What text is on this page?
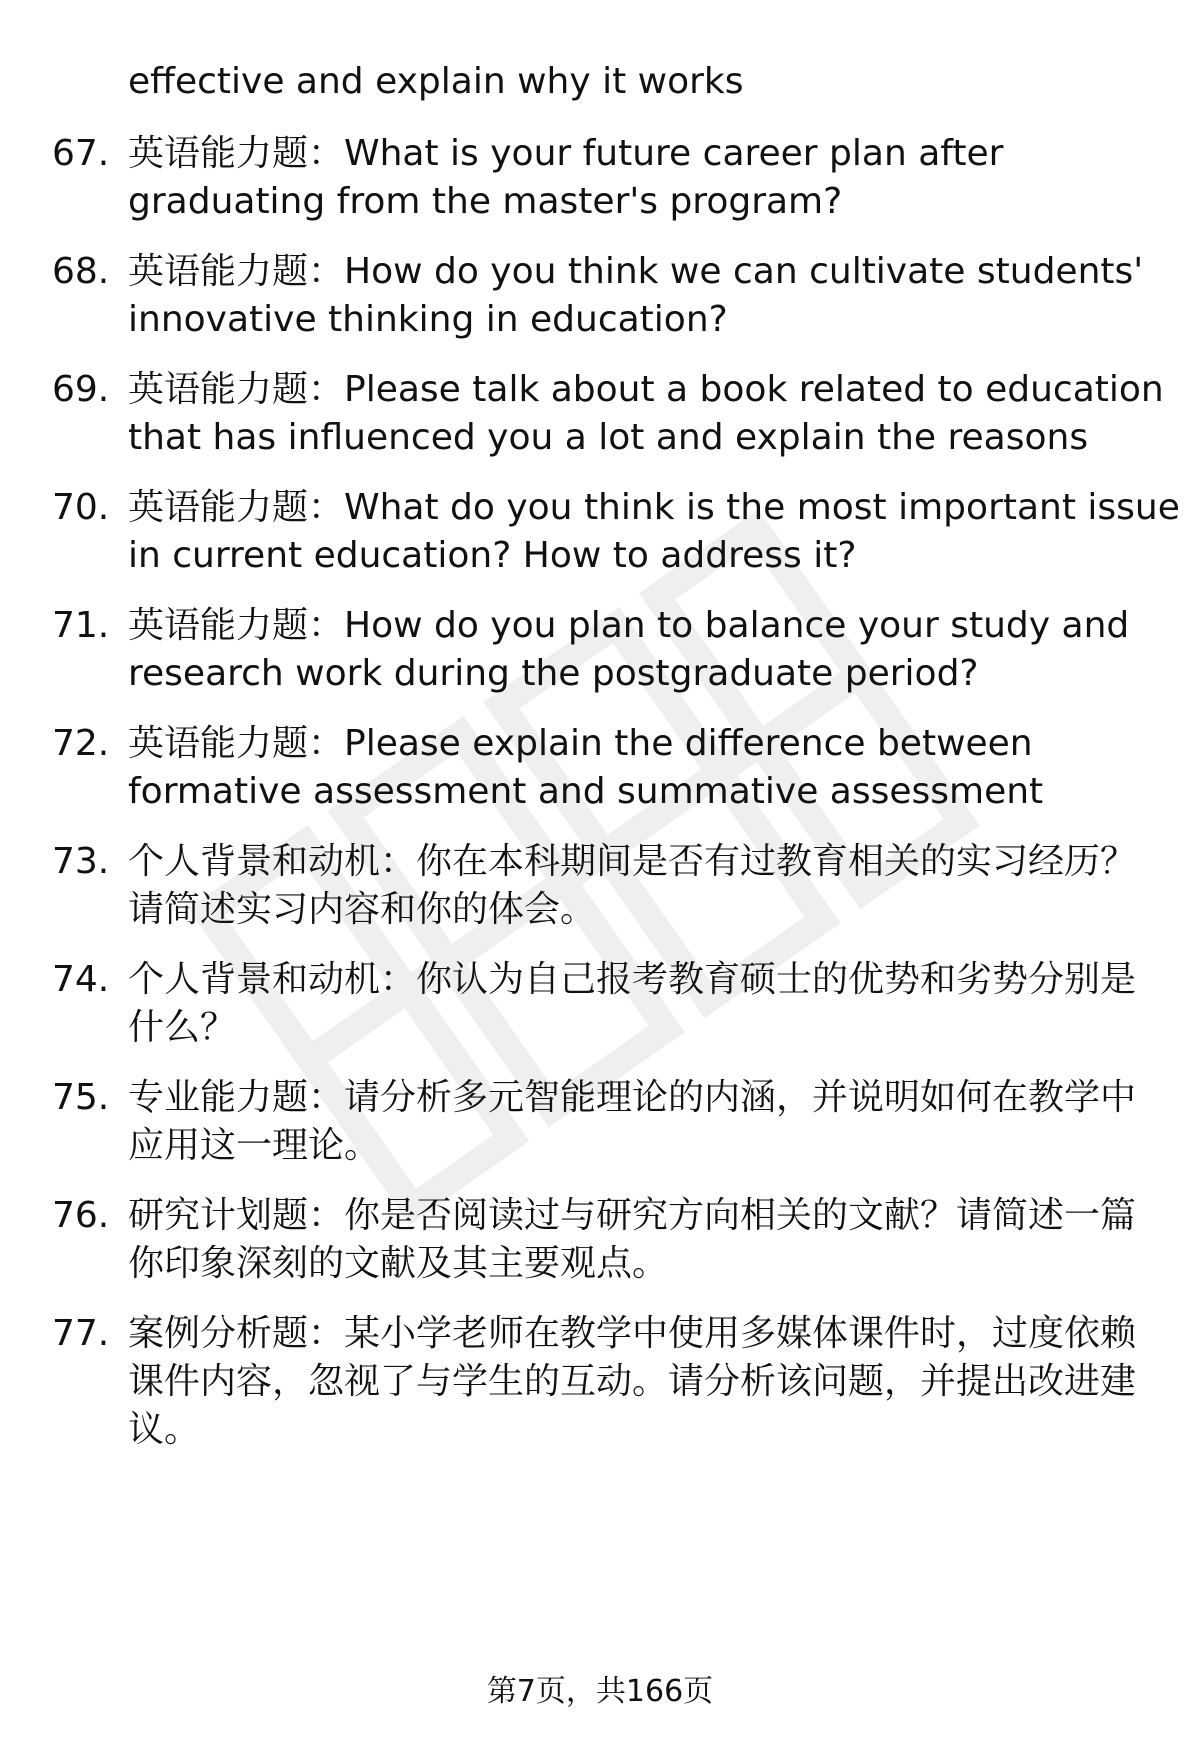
effective and explain why it works
67. 英语能力题：What is your future career plan after
graduating from the master's program?
68. 英语能力题：How do you think we can cultivate students'
innovative thinking in education?
69. 英语能力题：Please talk about a book related to education
that has influenced you a lot and explain the reasons
70. 英语能力题：What do you think is the most important issue
in current education? How to address it?
71. 英语能力题：How do you plan to balance your study and
research work during the postgraduate period?
72. 英语能力题：Please explain the difference between
formative assessment and summative assessment
73. 个人背景和动机：你在本科期间是否有过教育相关的实习经历？
请简述实习内容和你的体会。
74. 个人背景和动机：你认为自己报考教育硕士的优势和劣势分别是
什么？
75. 专业能力题：请分析多元智能理论的内涵，并说明如何在教学中
应用这一理论。
76. 研究计划题：你是否阅读过与研究方向相关的文献？请简述一篇
你印象深刻的文献及其主要观点。
77. 案例分析题：某小学老师在教学中使用多媒体课件时，过度依赖
课件内容，忽视了与学生的互动。请分析该问题，并提出改进建
议。
第7页，共166页
